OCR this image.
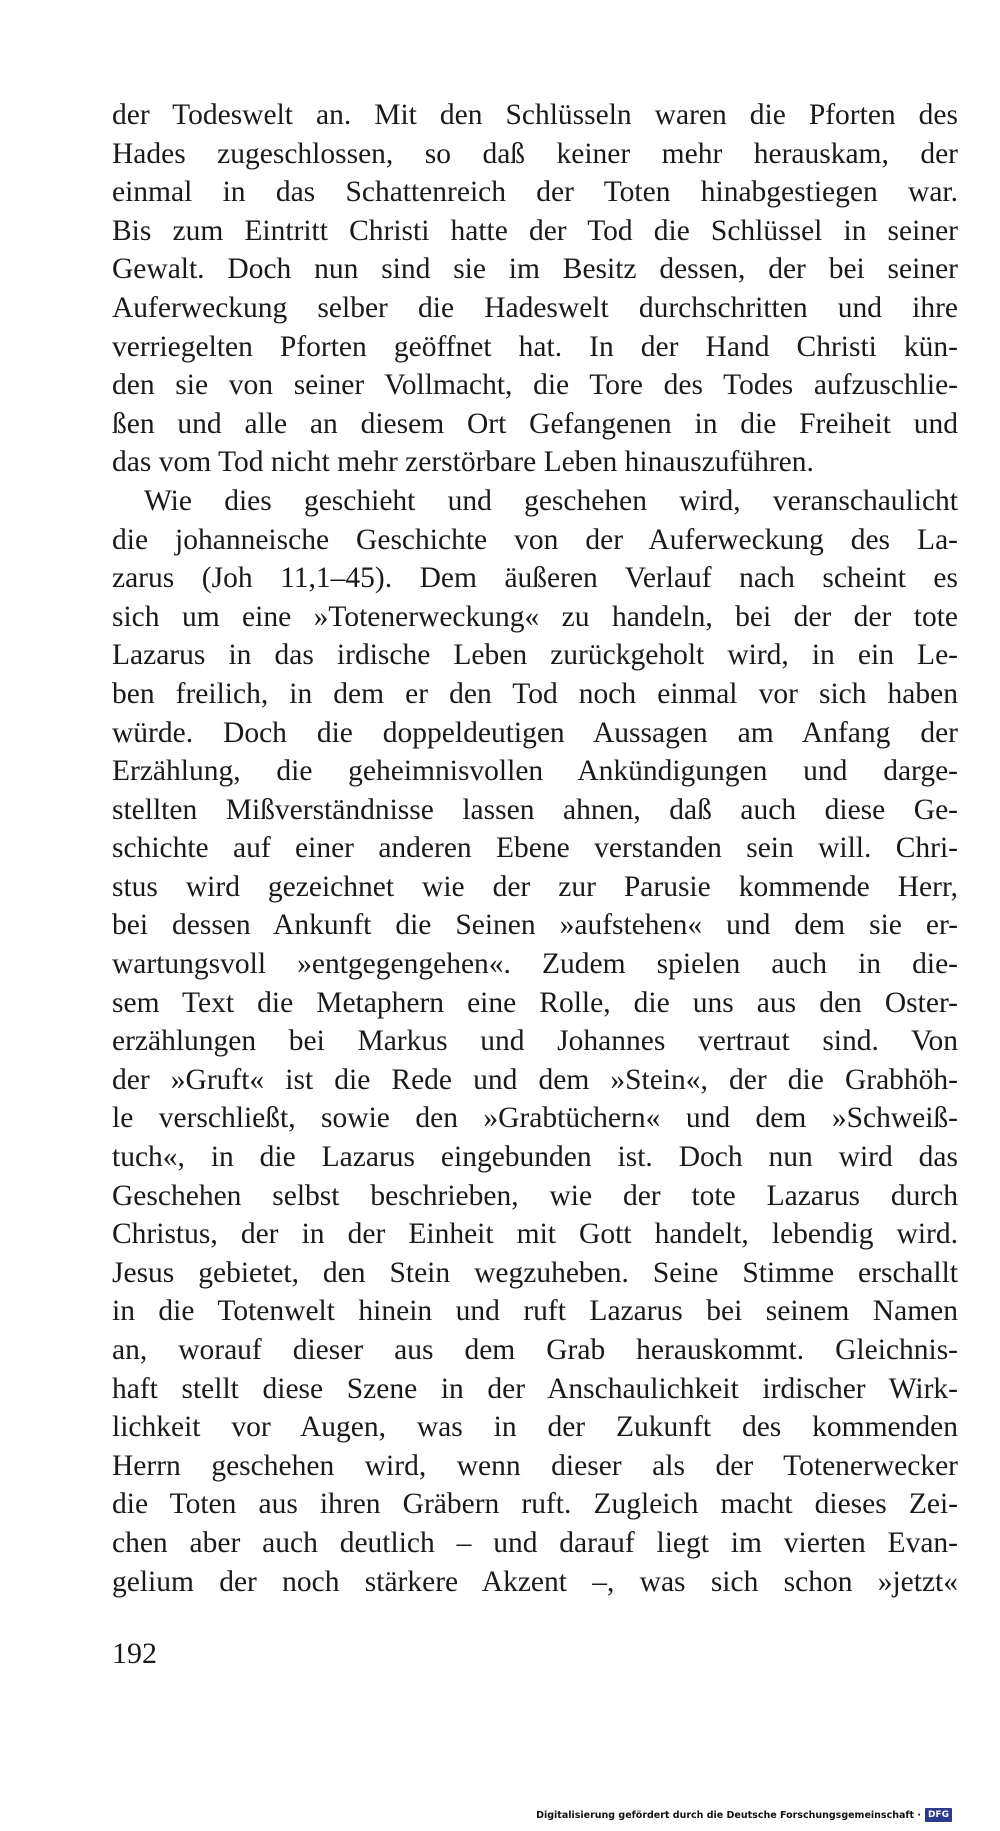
der Todeswelt an. Mit den Schlüsseln waren die Pforten des
Hades zugeschlossen, so daß keiner mehr herauskam, der
einmal in das Schattenreich der Toten hinabgestiegen war.
Bis zum Eintritt Christi hatte der Tod die Schlüssel in seiner
Gewalt. Doch nun sind sie im Besitz dessen, der bei seiner
Auferweckung selber die Hadeswelt durchschritten und ihre
verriegelten Pforten geöffnet hat. In der Hand Christi kün-
den sie von seiner Vollmacht, die Tore des Todes aufzuschlie-
ßen und alle an diesem Ort Gefangenen in die Freiheit und
das vom Tod nicht mehr zerstörbare Leben hinauszuführen.
Wie dies geschieht und geschehen wird, veranschaulicht
die johanneische Geschichte von der Auferweckung des La-
zarus (Joh 11,1–45). Dem äußeren Verlauf nach scheint es
sich um eine »Totenerweckung« zu handeln, bei der der tote
Lazarus in das irdische Leben zurückgeholt wird, in ein Le-
ben freilich, in dem er den Tod noch einmal vor sich haben
würde. Doch die doppeldeutigen Aussagen am Anfang der
Erzählung, die geheimnisvollen Ankündigungen und darge-
stellten Mißverständnisse lassen ahnen, daß auch diese Ge-
schichte auf einer anderen Ebene verstanden sein will. Chri-
stus wird gezeichnet wie der zur Parusie kommende Herr,
bei dessen Ankunft die Seinen »aufstehen« und dem sie er-
wartungsvoll »entgegengehen«. Zudem spielen auch in die-
sem Text die Metaphern eine Rolle, die uns aus den Oster-
erzählungen bei Markus und Johannes vertraut sind. Von
der »Gruft« ist die Rede und dem »Stein«, der die Grabhöh-
le verschließt, sowie den »Grabtüchern« und dem »Schweiß-
tuch«, in die Lazarus eingebunden ist. Doch nun wird das
Geschehen selbst beschrieben, wie der tote Lazarus durch
Christus, der in der Einheit mit Gott handelt, lebendig wird.
Jesus gebietet, den Stein wegzuheben. Seine Stimme erschallt
in die Totenwelt hinein und ruft Lazarus bei seinem Namen
an, worauf dieser aus dem Grab herauskommt. Gleichnis-
haft stellt diese Szene in der Anschaulichkeit irdischer Wirk-
lichkeit vor Augen, was in der Zukunft des kommenden
Herrn geschehen wird, wenn dieser als der Totenerwecker
die Toten aus ihren Gräbern ruft. Zugleich macht dieses Zei-
chen aber auch deutlich – und darauf liegt im vierten Evan-
gelium der noch stärkere Akzent –, was sich schon »jetzt«
192
Digitalisierung gefördert durch die Deutsche Forschungsgemeinschaft · DFG
